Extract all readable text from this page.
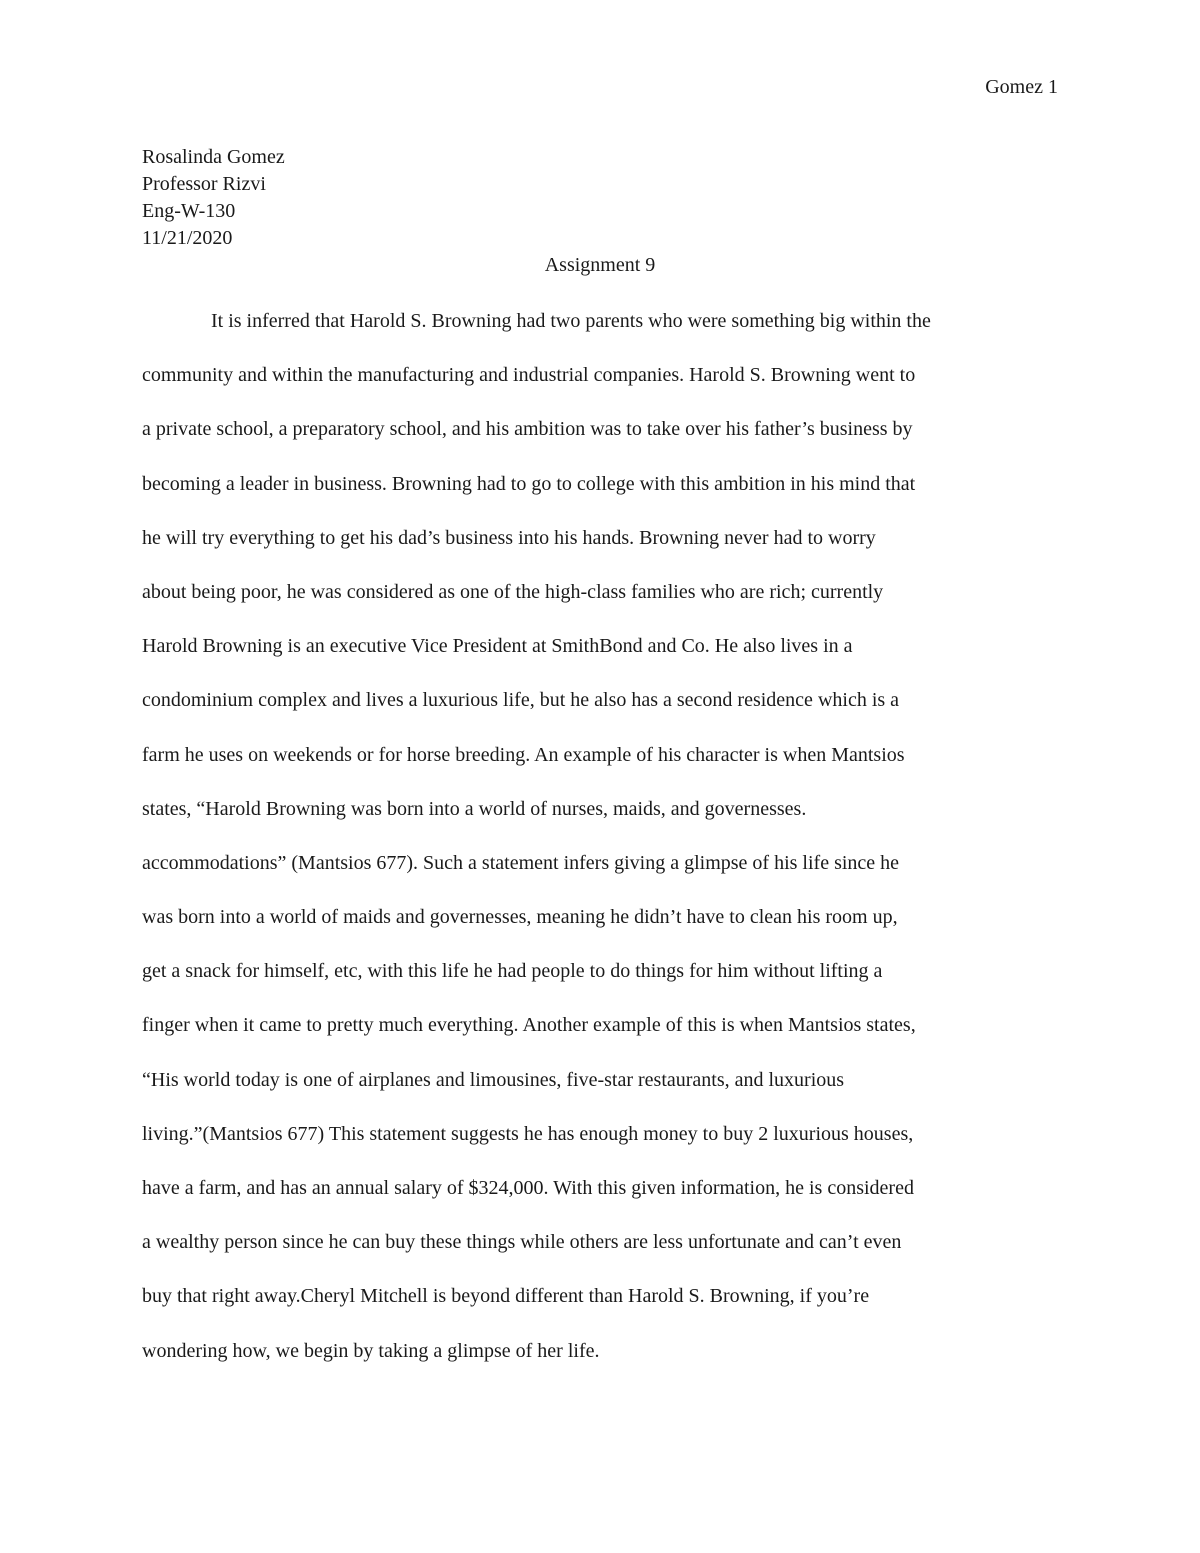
Gomez 1
Rosalinda Gomez
Professor Rizvi
Eng-W-130
11/21/2020
Assignment 9
It is inferred that Harold S. Browning had two parents who were something big within the
community and within the manufacturing and industrial companies. Harold S. Browning went to
a private school, a preparatory school, and his ambition was to take over his father’s business by
becoming a leader in business. Browning had to go to college with this ambition in his mind that
he will try everything to get his dad’s business into his hands. Browning never had to worry
about being poor, he was considered as one of the high-class families who are rich; currently
Harold Browning is an executive Vice President at SmithBond and Co. He also lives in a
condominium complex and lives a luxurious life, but he also has a second residence which is a
farm he uses on weekends or for horse breeding. An example of his character is when Mantsios
states, “Harold Browning was born into a world of nurses, maids, and governesses.
accommodations” (Mantsios 677). Such a statement infers giving a glimpse of his life since he
was born into a world of maids and governesses, meaning he didn’t have to clean his room up,
get a snack for himself, etc, with this life he had people to do things for him without lifting a
finger when it came to pretty much everything. Another example of this is when Mantsios states,
“His world today is one of airplanes and limousines, five-star restaurants, and luxurious
living.”(Mantsios 677) This statement suggests he has enough money to buy 2 luxurious houses,
have a farm, and has an annual salary of $324,000. With this given information, he is considered
a wealthy person since he can buy these things while others are less unfortunate and can’t even
buy that right away.Cheryl Mitchell is beyond different than Harold S. Browning, if you’re
wondering how, we begin by taking a glimpse of her life.
